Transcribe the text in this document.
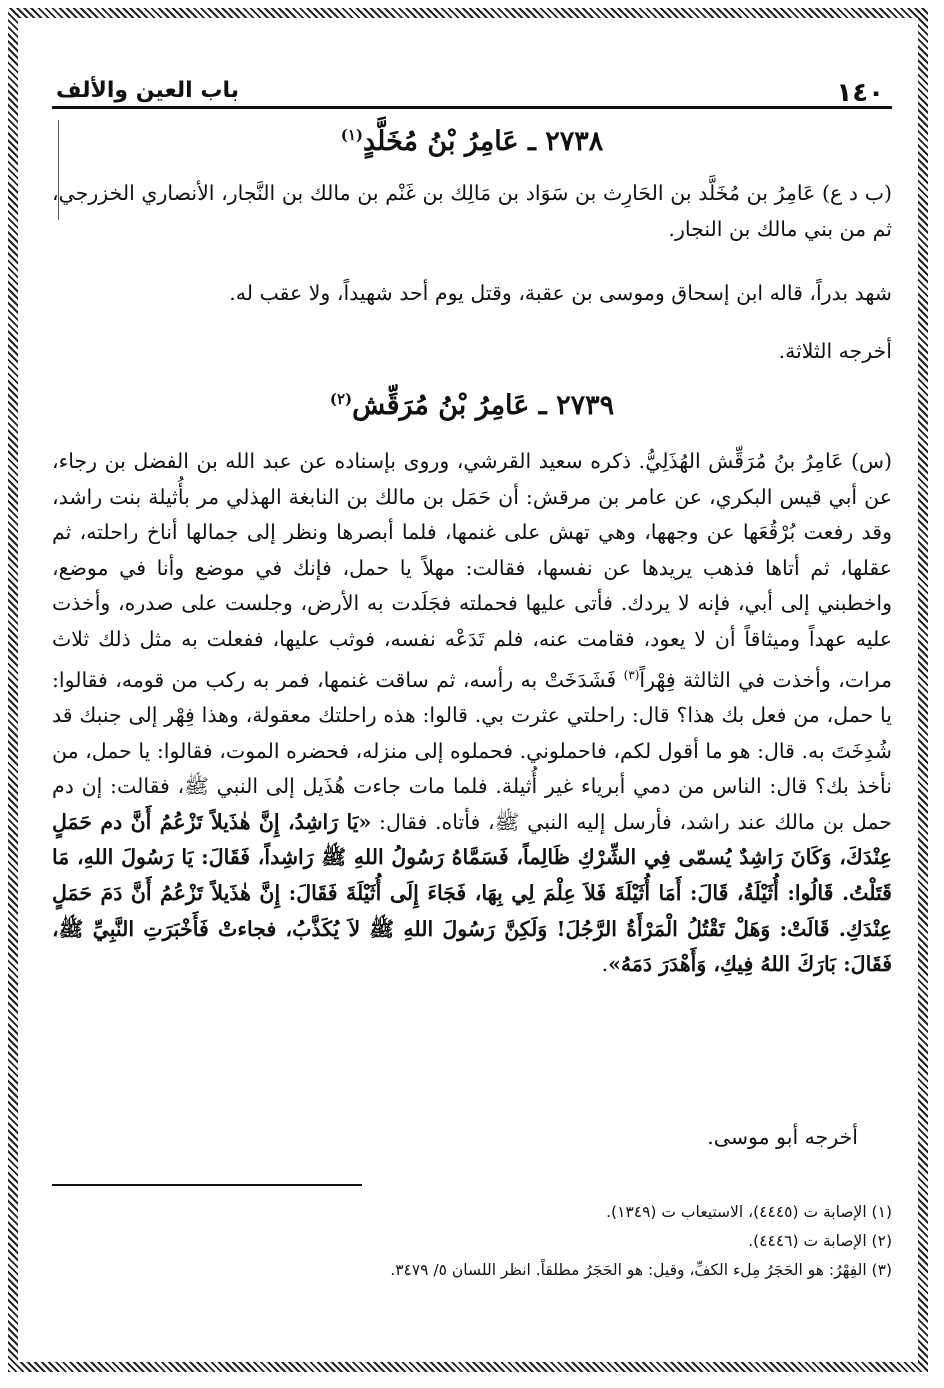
١٤٠
باب العين والألف
٢٧٣٨ ـ عَامِرُ بْنُ مُخَلَّدٍ$^{(١)}$

(ب د ع) عَامِرُ بن مُخَلَّد بن الحَارِث بن سَوَاد بن مَالِك بن غَنْم بن مالك بن النَّجار، الأنصاري الخزرجي، ثم من بني مالك بن النجار.

شهد بدراً، قاله ابن إسحاق وموسى بن عقبة، وقتل يوم أحد شهيداً، ولا عقب له.

أخرجه الثلاثة.

٢٧٣٩ ـ عَامِرُ بْنُ مُرَقِّش$^{(٢)}$

(س) عَامِرُ بنُ مُرَقِّش الهُذَلِيُّ. ذكره سعيد القرشي، وروى بإسناده عن عبد الله بن الفضل بن رجاء، عن أبي قيس البكري، عن عامر بن مرقش: أن حَمَل بن مالك بن النابغة الهذلي مر بأُثيلة بنت راشد، وقد رفعت بُرْقُعَها عن وجهها، وهي تهش على غنمها، فلما أبصرها ونظر إلى جمالها أناخ راحلته، ثم عقلها، ثم أتاها فذهب يريدها عن نفسها، فقالت: مهلاً يا حمل، فإنك في موضع وأنا في موضع، واخطبني إلى أبي، فإنه لا يردك. فأتى عليها فحملته فجَلَدت به الأرض، وجلست على صدره، وأخذت عليه عهداً وميثاقاً أن لا يعود، فقامت عنه، فلم تَدَعْه نفسه، فوثب عليها، ففعلت به مثل ذلك ثلاث مرات، وأخذت في الثالثة فِهْراً$^{(٣)}$ فَشَدَخَتْ به رأسه، ثم ساقت غنمها، فمر به ركب من قومه، فقالوا: يا حمل، من فعل بك هذا؟ قال: راحلتي عثرت بي. قالوا: هذه راحلتك معقولة، وهذا فِهْر إلى جنبك قد شُدِخَتَ به. قال: هو ما أقول لكم، فاحملوني. فحملوه إلى منزله، فحضره الموت، فقالوا: يا حمل، من نأخذ بك؟ قال: الناس من دمي أبرياء غير أُثيلة. فلما مات جاءت هُذَيل إلى النبي ﷺ، فقالت: إن دم حمل بن مالك عند راشد، فأرسل إليه النبي ﷺ، فأتاه. فقال: «يَا رَاشِدُ، إِنَّ هٰذَيلاً تَزْعُمُ أَنَّ دم حَمَلٍ عِنْدَكَ، وَكَانَ رَاشِدٌ يُسمّى فِي الشِّرْكِ ظَالِماً، فَسَمَّاهُ رَسُولُ اللهِ ﷺ رَاشِداً، فَقَالَ: يَا رَسُولَ اللهِ، مَا قَتَلْتُ. قَالُوا: أُثَيْلَةُ، قَالَ: أَمَا أُثَيْلَةَ فَلاَ عِلْمَ لِي بِهَا، فَجَاءَ إِلَى أُثَيْلَةَ فَقَالَ: إِنَّ هٰذَيلاً تَزْعُمُ أَنَّ دَمَ حَمَلٍ عِنْدَكِ. قَالَتْ: وَهَلْ تَقْتُلُ الْمَرْأَةُ الرَّجُلَ! وَلَكِنَّ رَسُولَ اللهِ ﷺ لاَ يُكَذَّبُ، فجاءتْ فَأَخْبَرَتِ النَّبِيِّ ﷺ، فَقَالَ: بَارَكَ اللهُ فِيكِ، وَأَهْدَرَ دَمَهُ».

أخرجه أبو موسى.

(١) الإصابة ت (٤٤٤٥)، الاستيعاب ت (١٣٤٩).
(٢) الإصابة ت (٤٤٤٦).
(٣) الفِهْرُ: هو الحَجَرُ مِلء الكفِّ، وقيل: هو الحَجَرُ مطلقاً. انظر اللسان ٥/ ٣٤٧٩.
